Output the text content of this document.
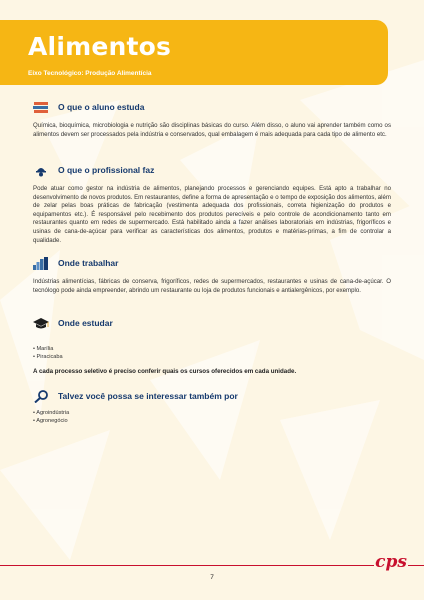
Alimentos
Eixo Tecnológico: Produção Alimentícia
O que o aluno estuda
Química, bioquímica, microbiologia e nutrição são disciplinas básicas do curso. Além disso, o aluno vai aprender também como os alimentos devem ser processados pela indústria e conservados, qual embalagem é mais adequada para cada tipo de alimento etc.
O que o profissional faz
Pode atuar como gestor na indústria de alimentos, planejando processos e gerenciando equipes. Está apto a trabalhar no desenvolvimento de novos produtos. Em restaurantes, define a forma de apresentação e o tempo de exposição dos alimentos, além de zelar pelas boas práticas de fabricação (vestimenta adequada dos profissionais, correta higienização do produtos e equipamentos etc.). É responsável pelo recebimento dos produtos perecíveis e pelo controle de acondicionamento tanto em restaurantes quanto em redes de supermercado. Está habilitado ainda a fazer análises laboratoriais em indústrias, frigoríficos e usinas de cana-de-açúcar para verificar as características dos alimentos, produtos e matérias-primas, a fim de controlar a qualidade.
Onde trabalhar
Indústrias alimentícias, fábricas de conserva, frigoríficos, redes de supermercados, restaurantes e usinas de cana-de-açúcar. O tecnólogo pode ainda empreender, abrindo um restaurante ou loja de produtos funcionais e antialergênicos, por exemplo.
Onde estudar
• Marília
• Piracicaba
A cada processo seletivo é preciso conferir quais os cursos oferecidos em cada unidade.
Talvez você possa se interessar também por
• Agroindústria
• Agronegócio
cps
7
